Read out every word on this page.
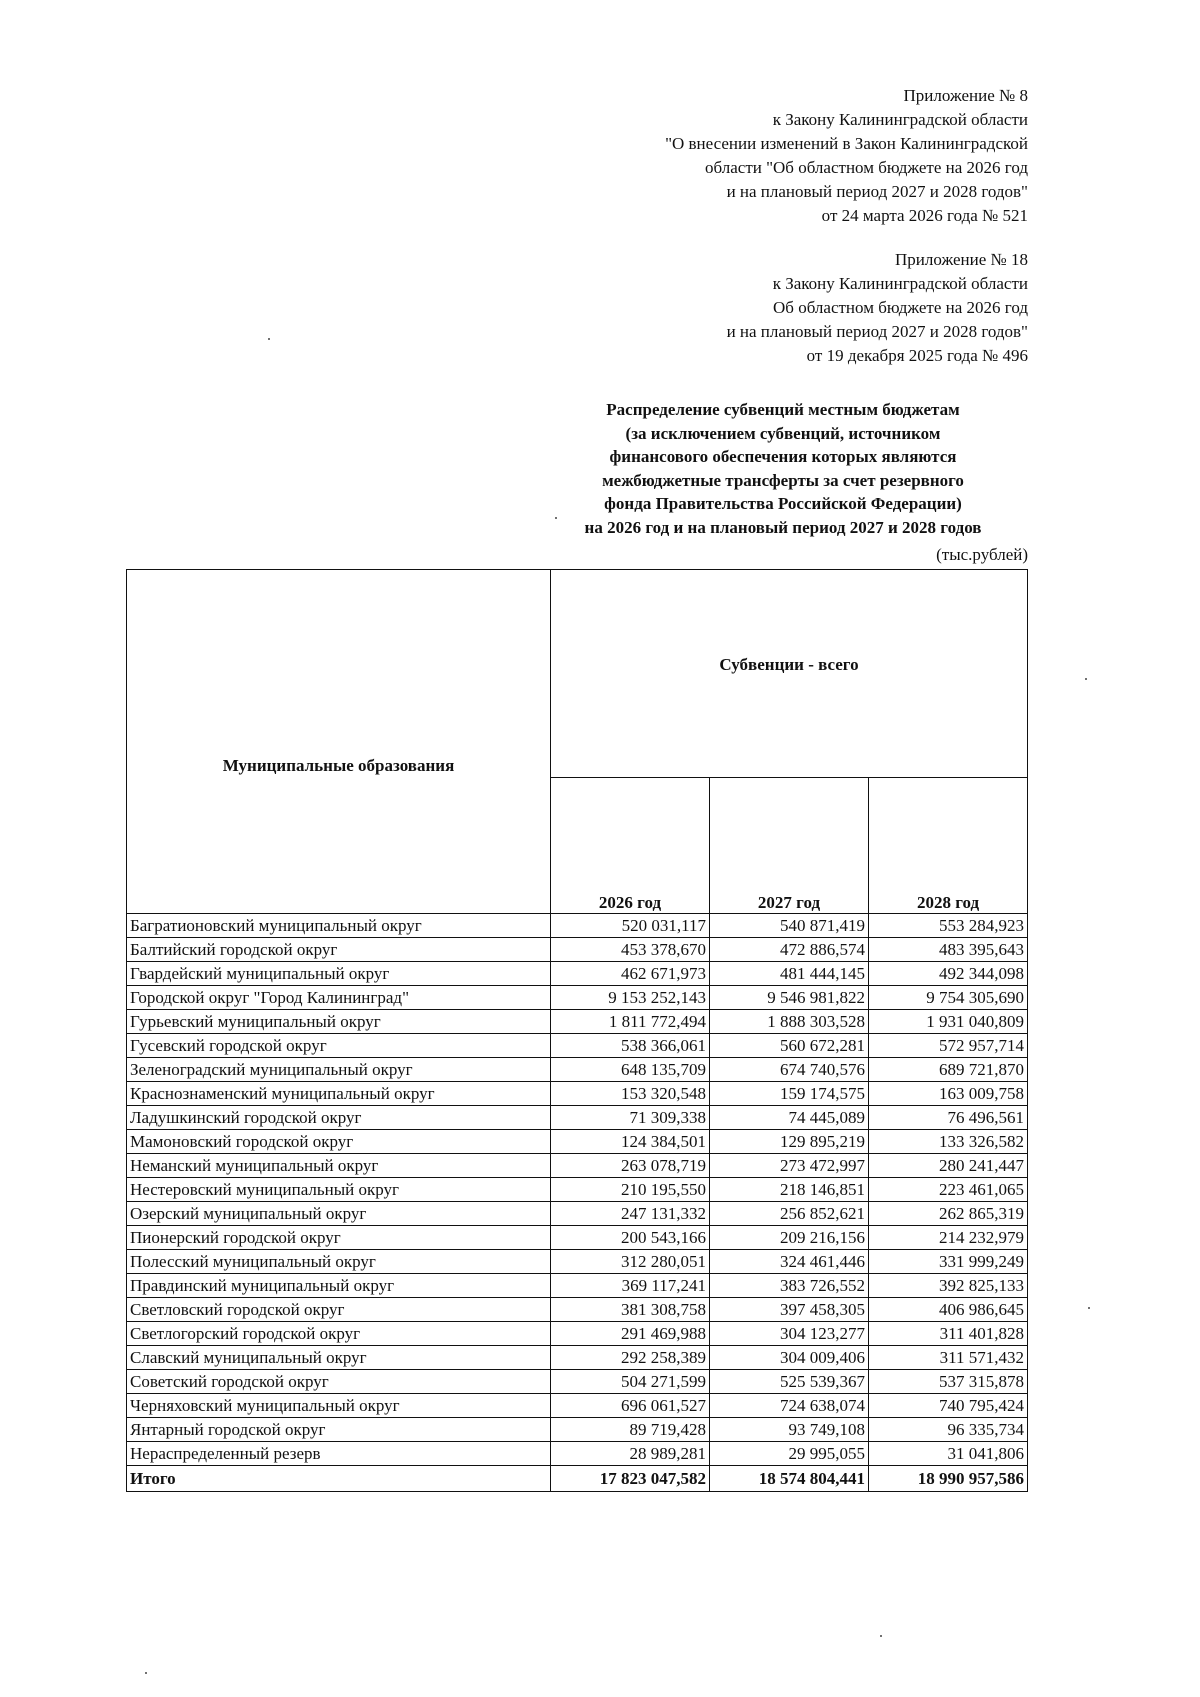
Приложение № 8
к Закону Калининградской области
"О внесении изменений в Закон Калининградской
области "Об областном бюджете на 2026 год
и на плановый период 2027 и 2028 годов"
от 24 марта 2026 года № 521
Приложение № 18
к Закону Калининградской области
Об областном бюджете на 2026 год
и на плановый период 2027 и 2028 годов"
от 19 декабря 2025 года № 496
Распределение субвенций местным бюджетам
(за исключением субвенций, источником
финансового обеспечения которых являются
межбюджетные трансферты за счет резервного
фонда Правительства Российской Федерации)
на 2026 год и на плановый период 2027 и 2028 годов
(тыс.рублей)
Муниципальные образования	Субвенции - всего		
	2026 год	2027 год	2028 год
Багратионовский муниципальный округ	520 031,117	540 871,419	553 284,923
Балтийский городской округ	453 378,670	472 886,574	483 395,643
Гвардейский муниципальный округ	462 671,973	481 444,145	492 344,098
Городской округ "Город Калининград"	9 153 252,143	9 546 981,822	9 754 305,690
Гурьевский муниципальный округ	1 811 772,494	1 888 303,528	1 931 040,809
Гусевский городской округ	538 366,061	560 672,281	572 957,714
Зеленоградский муниципальный округ	648 135,709	674 740,576	689 721,870
Краснознаменский муниципальный округ	153 320,548	159 174,575	163 009,758
Ладушкинский городской округ	71 309,338	74 445,089	76 496,561
Мамоновский городской округ	124 384,501	129 895,219	133 326,582
Неманский муниципальный округ	263 078,719	273 472,997	280 241,447
Нестеровский муниципальный округ	210 195,550	218 146,851	223 461,065
Озерский муниципальный округ	247 131,332	256 852,621	262 865,319
Пионерский городской округ	200 543,166	209 216,156	214 232,979
Полесский муниципальный округ	312 280,051	324 461,446	331 999,249
Правдинский муниципальный округ	369 117,241	383 726,552	392 825,133
Светловский городской округ	381 308,758	397 458,305	406 986,645
Светлогорский городской округ	291 469,988	304 123,277	311 401,828
Славский муниципальный округ	292 258,389	304 009,406	311 571,432
Советский городской округ	504 271,599	525 539,367	537 315,878
Черняховский муниципальный округ	696 061,527	724 638,074	740 795,424
Янтарный городской округ	89 719,428	93 749,108	96 335,734
Нераспределенный резерв	28 989,281	29 995,055	31 041,806
Итого	17 823 047,582	18 574 804,441	18 990 957,586
